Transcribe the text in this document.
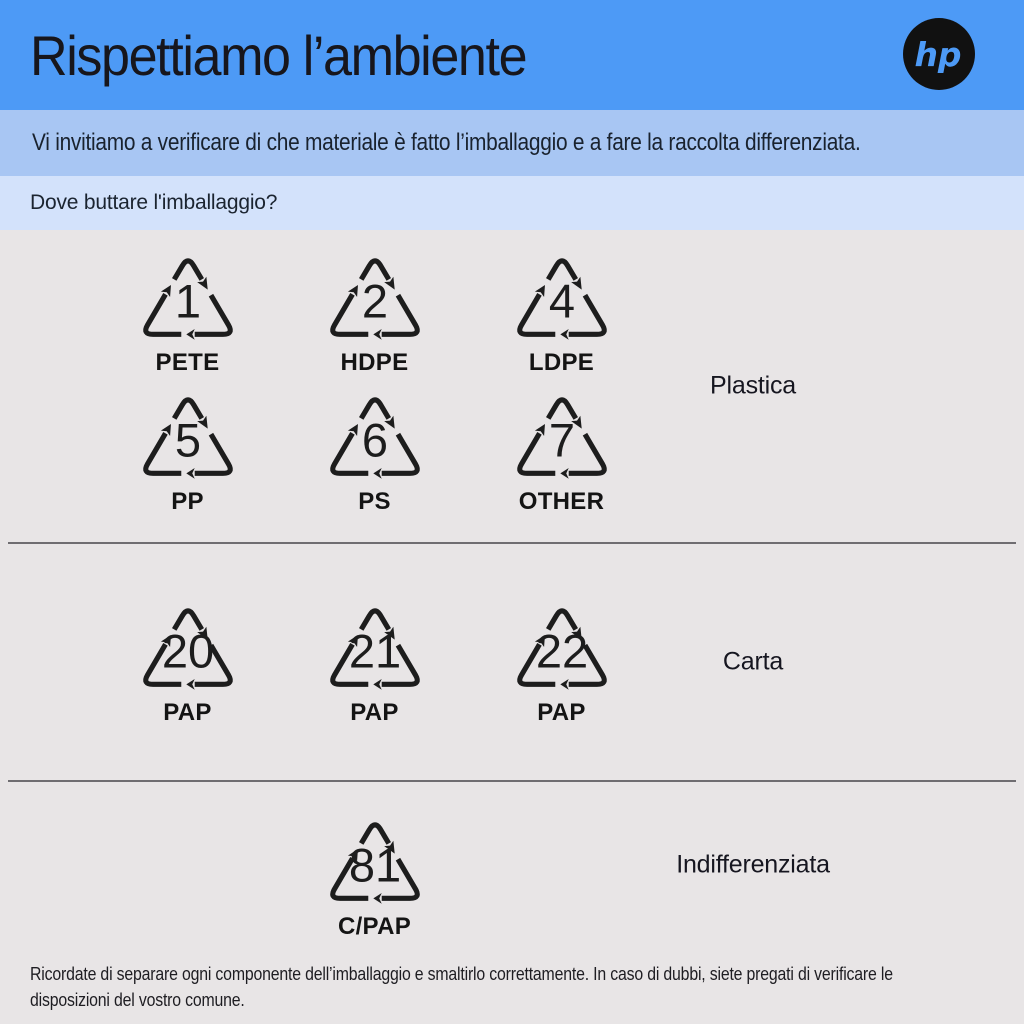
Rispettiamo l’ambiente	hp
Vi invitiamo a verificare di che materiale è fatto l’imballaggio e a fare la raccolta differenziata.
Dove buttare l'imballaggio?
1
PETE
2
HDPE
4
LDPE
5
PP
6
PS
7
OTHER
Plastica
20
PAP
21
PAP
22
PAP
Carta
81
C/PAP
Indifferenziata
Ricordate di separare ogni componente dell’imballaggio e smaltirlo correttamente. In caso di dubbi, siete pregati di verificare le
disposizioni del vostro comune.
